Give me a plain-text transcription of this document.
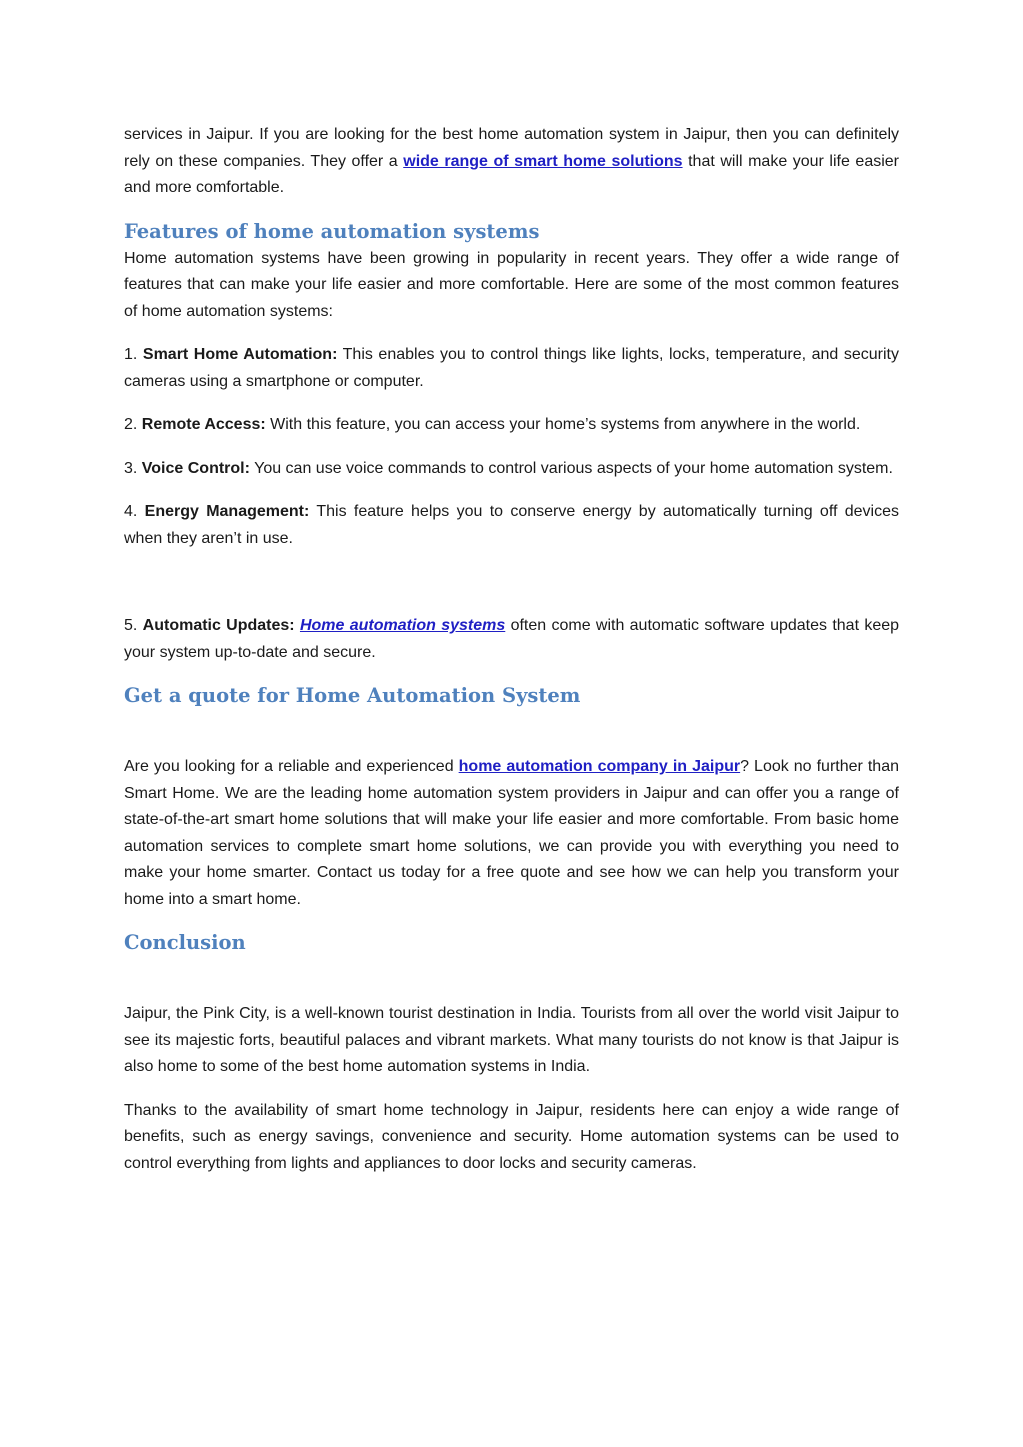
services in Jaipur. If you are looking for the best home automation system in Jaipur, then you can definitely rely on these companies. They offer a wide range of smart home solutions that will make your life easier and more comfortable.

Features of home automation systems

Home automation systems have been growing in popularity in recent years. They offer a wide range of features that can make your life easier and more comfortable. Here are some of the most common features of home automation systems:

1. Smart Home Automation: This enables you to control things like lights, locks, temperature, and security cameras using a smartphone or computer.

2. Remote Access: With this feature, you can access your home’s systems from anywhere in the world.

3. Voice Control: You can use voice commands to control various aspects of your home automation system.

4. Energy Management: This feature helps you to conserve energy by automatically turning off devices when they aren’t in use.

5. Automatic Updates: Home automation systems often come with automatic software updates that keep your system up-to-date and secure.

Get a quote for Home Automation System

Are you looking for a reliable and experienced home automation company in Jaipur? Look no further than Smart Home. We are the leading home automation system providers in Jaipur and can offer you a range of state-of-the-art smart home solutions that will make your life easier and more comfortable. From basic home automation services to complete smart home solutions, we can provide you with everything you need to make your home smarter. Contact us today for a free quote and see how we can help you transform your home into a smart home.

Conclusion

Jaipur, the Pink City, is a well-known tourist destination in India. Tourists from all over the world visit Jaipur to see its majestic forts, beautiful palaces and vibrant markets. What many tourists do not know is that Jaipur is also home to some of the best home automation systems in India.

Thanks to the availability of smart home technology in Jaipur, residents here can enjoy a wide range of benefits, such as energy savings, convenience and security. Home automation systems can be used to control everything from lights and appliances to door locks and security cameras.
